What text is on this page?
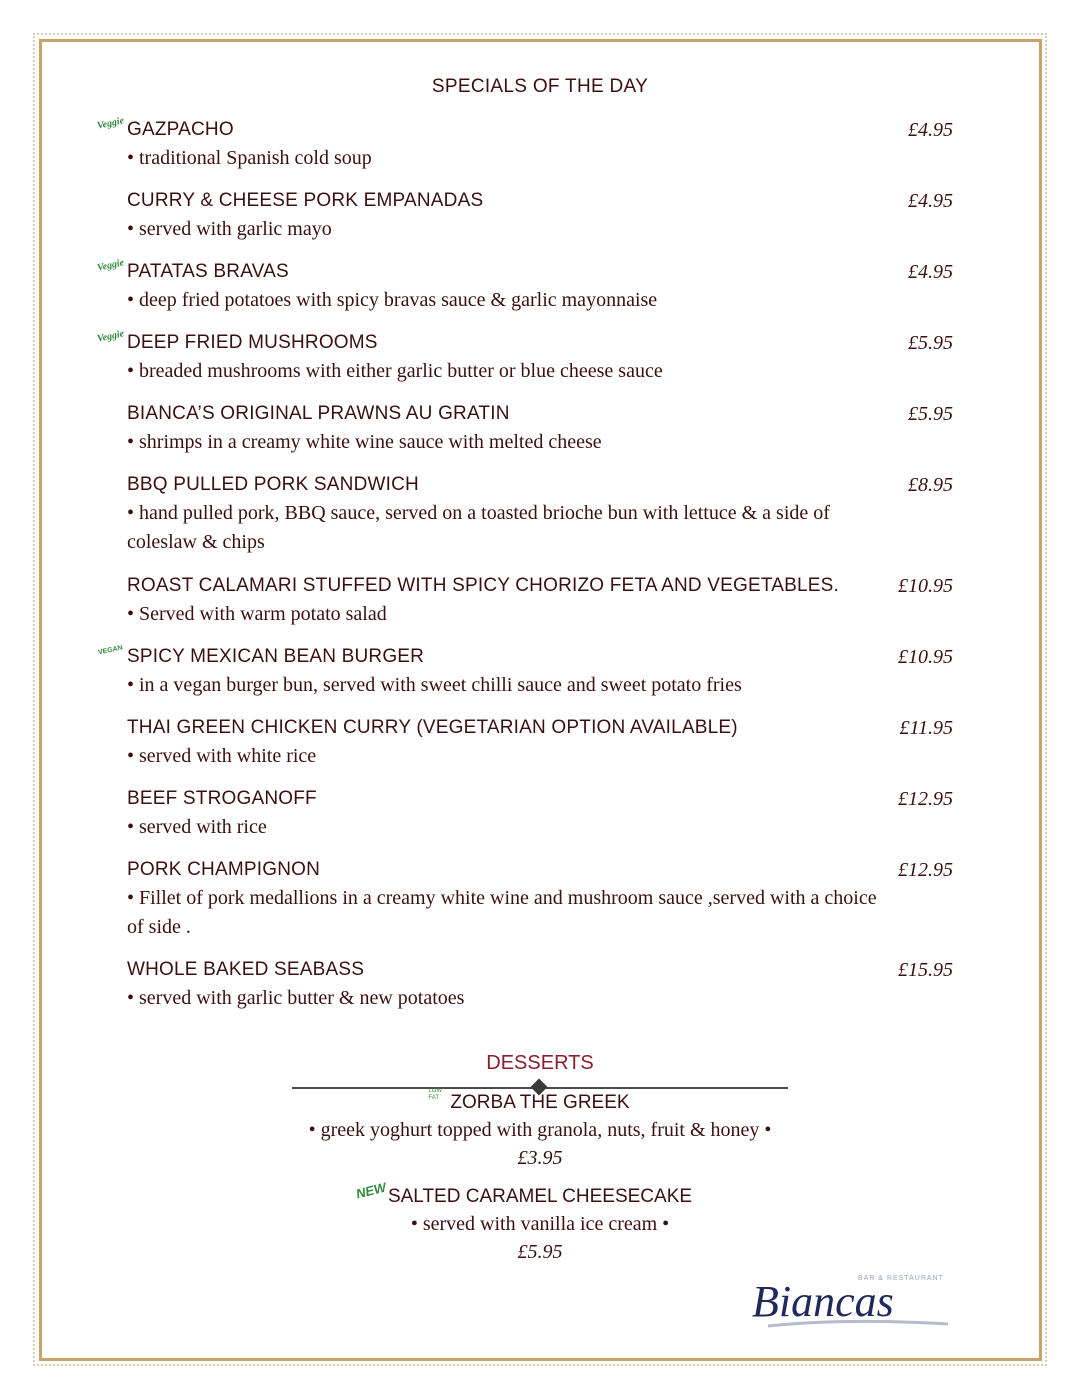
SPECIALS OF THE DAY
Veggie GAZPACHO
• traditional Spanish cold soup
£4.95
CURRY & CHEESE PORK EMPANADAS
• served with garlic mayo
£4.95
Veggie PATATAS BRAVAS
• deep fried potatoes with spicy bravas sauce & garlic mayonnaise
£4.95
Veggie DEEP FRIED MUSHROOMS
• breaded mushrooms with either garlic butter or blue cheese sauce
£5.95
BIANCA’S ORIGINAL PRAWNS AU GRATIN
• shrimps in a creamy white wine sauce with melted cheese
£5.95
BBQ PULLED PORK SANDWICH
• hand pulled pork, BBQ sauce, served on a toasted brioche bun with lettuce & a side of coleslaw & chips
£8.95
ROAST CALAMARI STUFFED WITH SPICY CHORIZO FETA AND VEGETABLES.
• Served with warm potato salad
£10.95
VEGAN SPICY MEXICAN BEAN BURGER
• in a vegan burger bun, served with sweet chilli sauce and sweet potato fries
£10.95
THAI GREEN CHICKEN CURRY (VEGETARIAN OPTION AVAILABLE)
• served with white rice
£11.95
BEEF STROGANOFF
• served with rice
£12.95
PORK CHAMPIGNON
• Fillet of pork medallions in a creamy white wine and mushroom sauce ,served with a choice of side .
£12.95
WHOLE BAKED SEABASS
• served with garlic butter & new potatoes
£15.95
DESSERTS
LOW
FAT ZORBA THE GREEK
• greek yoghurt topped with granola, nuts, fruit & honey •
£3.95
NEW SALTED CARAMEL CHEESECAKE
• served with vanilla ice cream •
£5.95
BAR & RESTAURANT
Biancas
